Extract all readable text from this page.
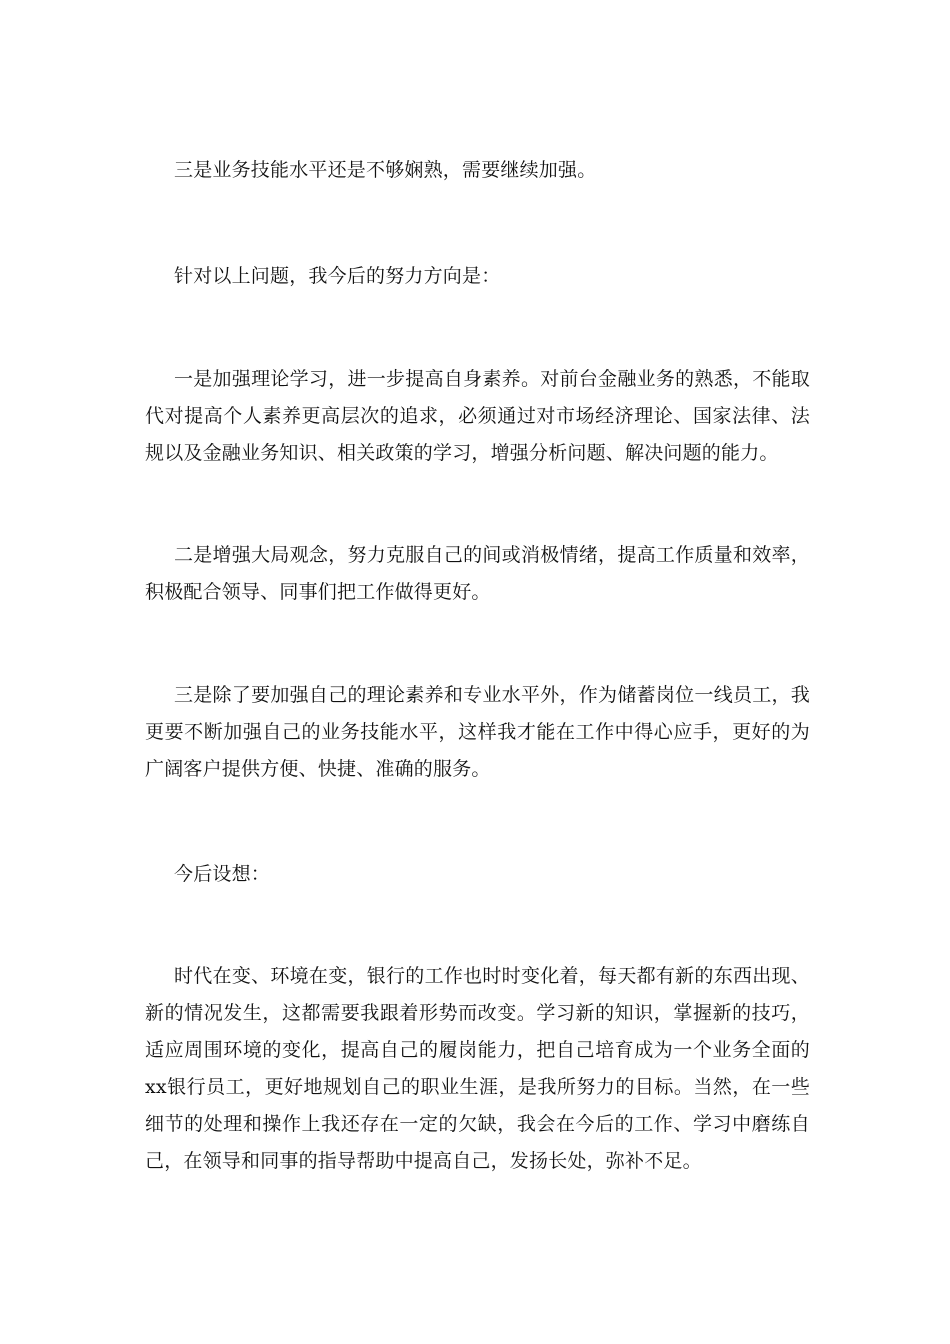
三是业务技能水平还是不够娴熟，需要继续加强。

针对以上问题，我今后的努力方向是：

一是加强理论学习，进一步提高自身素养。对前台金融业务的熟悉，不能取代对提高个人素养更高层次的追求，必须通过对市场经济理论、国家法律、法规以及金融业务知识、相关政策的学习，增强分析问题、解决问题的能力。

二是增强大局观念，努力克服自己的间或消极情绪，提高工作质量和效率，积极配合领导、同事们把工作做得更好。

三是除了要加强自己的理论素养和专业水平外，作为储蓄岗位一线员工，我更要不断加强自己的业务技能水平，这样我才能在工作中得心应手，更好的为广阔客户提供方便、快捷、准确的服务。

今后设想：

时代在变、环境在变，银行的工作也时时变化着，每天都有新的东西出现、新的情况发生，这都需要我跟着形势而改变。学习新的知识，掌握新的技巧，适应周围环境的变化，提高自己的履岗能力，把自己培育成为一个业务全面的xx银行员工，更好地规划自己的职业生涯，是我所努力的目标。当然，在一些细节的处理和操作上我还存在一定的欠缺，我会在今后的工作、学习中磨练自己，在领导和同事的指导帮助中提高自己，发扬长处，弥补不足。
